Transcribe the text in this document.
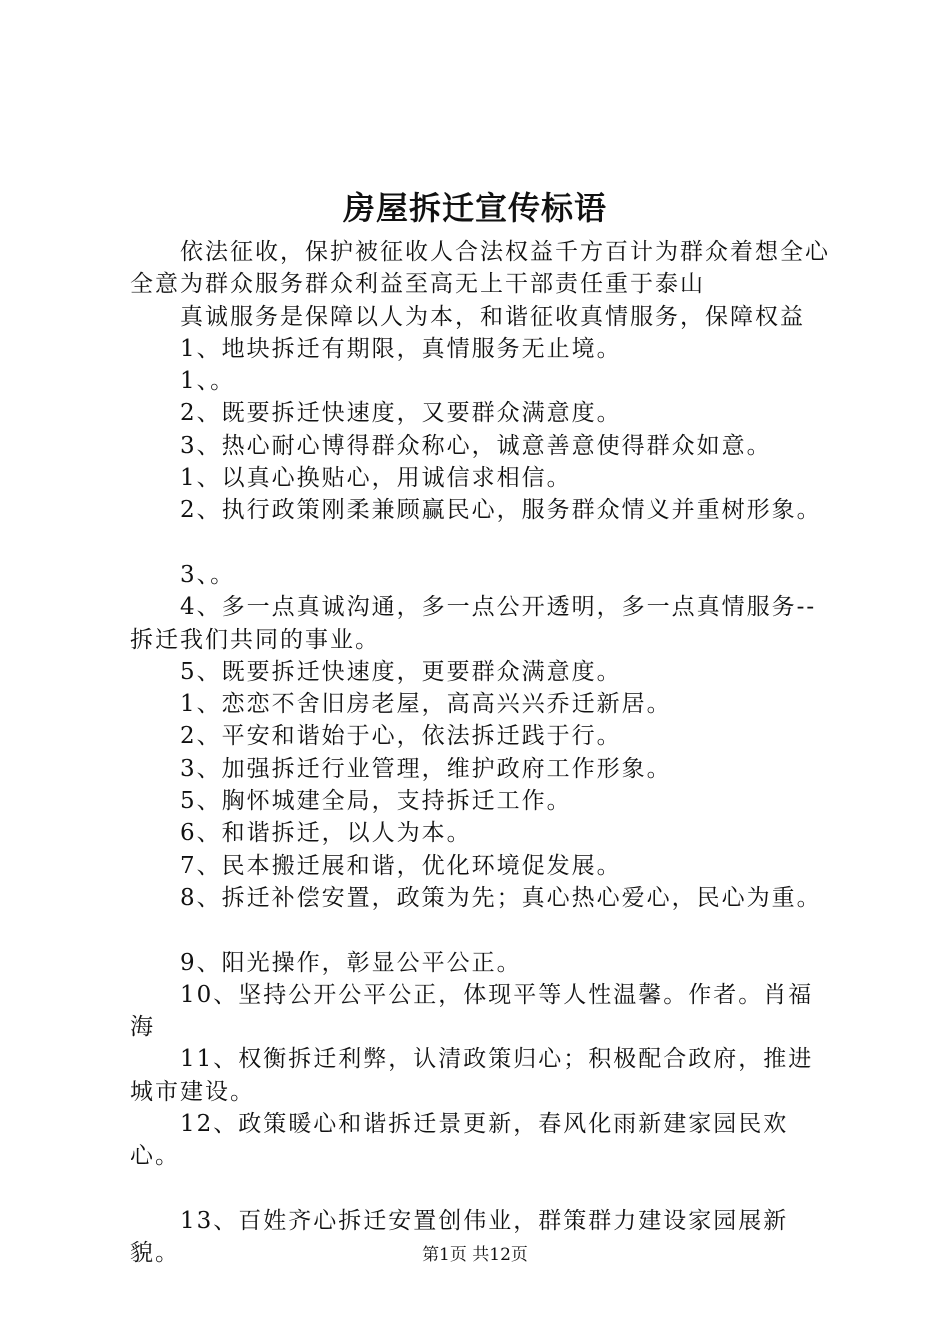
房屋拆迁宣传标语

依法征收，保护被征收人合法权益千方百计为群众着想全心全意为群众服务群众利益至高无上干部责任重于泰山

真诚服务是保障以人为本，和谐征收真情服务，保障权益

1、地块拆迁有期限，真情服务无止境。

1、。

2、既要拆迁快速度，又要群众满意度。

3、热心耐心博得群众称心，诚意善意使得群众如意。

1、以真心换贴心，用诚信求相信。

2、执行政策刚柔兼顾赢民心，服务群众情义并重树形象。

3、。

4、多一点真诚沟通，多一点公开透明，多一点真情服务--拆迁我们共同的事业。

5、既要拆迁快速度，更要群众满意度。

1、恋恋不舍旧房老屋，高高兴兴乔迁新居。

2、平安和谐始于心，依法拆迁践于行。

3、加强拆迁行业管理，维护政府工作形象。

5、胸怀城建全局，支持拆迁工作。

6、和谐拆迁，以人为本。

7、民本搬迁展和谐，优化环境促发展。

8、拆迁补偿安置，政策为先；真心热心爱心，民心为重。

9、阳光操作，彰显公平公正。

10、坚持公开公平公正，体现平等人性温馨。作者。肖福海

11、权衡拆迁利弊，认清政策归心；积极配合政府，推进城市建设。

12、政策暖心和谐拆迁景更新，春风化雨新建家园民欢心。

13、百姓齐心拆迁安置创伟业，群策群力建设家园展新貌。	第1页 共12页
